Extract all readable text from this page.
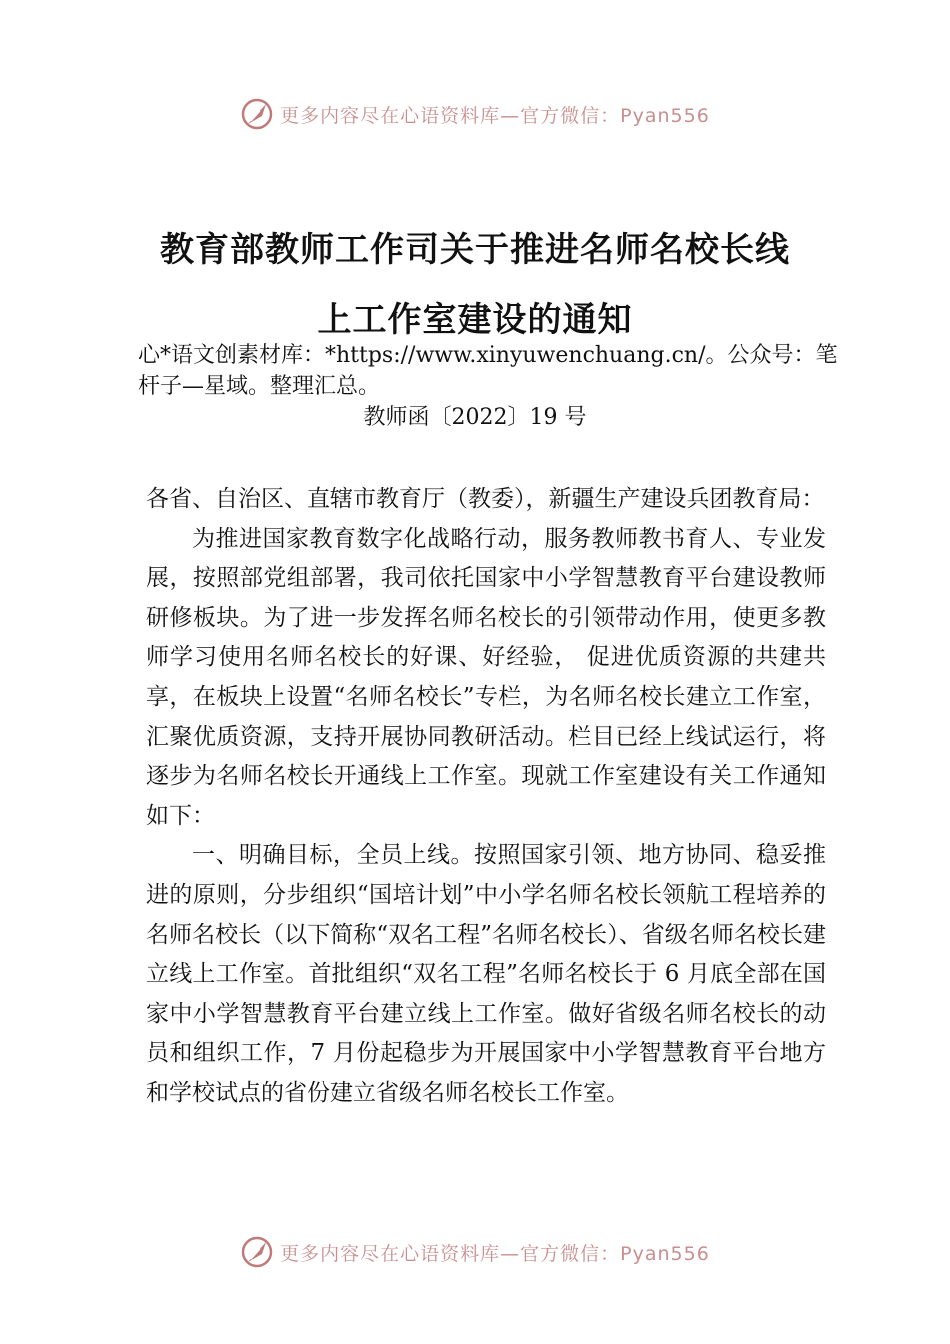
更多内容尽在心语资料库—官方微信：Pyan556
教育部教师工作司关于推进名师名校长线
上工作室建设的通知
心*语文创素材库：*https://www.xinyuwenchuang.cn/。公众号：笔杆子—星域。整理汇总。
教师函〔2022〕19 号

各省、自治区、直辖市教育厅（教委），新疆生产建设兵团教育局：

为推进国家教育数字化战略行动，服务教师教书育人、专业发展，按照部党组部署，我司依托国家中小学智慧教育平台建设教师研修板块。为了进一步发挥名师名校长的引领带动作用，使更多教师学习使用名师名校长的好课、好经验， 促进优质资源的共建共享，在板块上设置“名师名校长”专栏，为名师名校长建立工作室，汇聚优质资源，支持开展协同教研活动。栏目已经上线试运行，将逐步为名师名校长开通线上工作室。现就工作室建设有关工作通知如下：

一、明确目标，全员上线。按照国家引领、地方协同、稳妥推进的原则，分步组织“国培计划”中小学名师名校长领航工程培养的名师名校长（以下简称“双名工程”名师名校长）、省级名师名校长建立线上工作室。首批组织“双名工程”名师名校长于 6 月底全部在国家中小学智慧教育平台建立线上工作室。做好省级名师名校长的动员和组织工作，7 月份起稳步为开展国家中小学智慧教育平台地方和学校试点的省份建立省级名师名校长工作室。

更多内容尽在心语资料库—官方微信：Pyan556
